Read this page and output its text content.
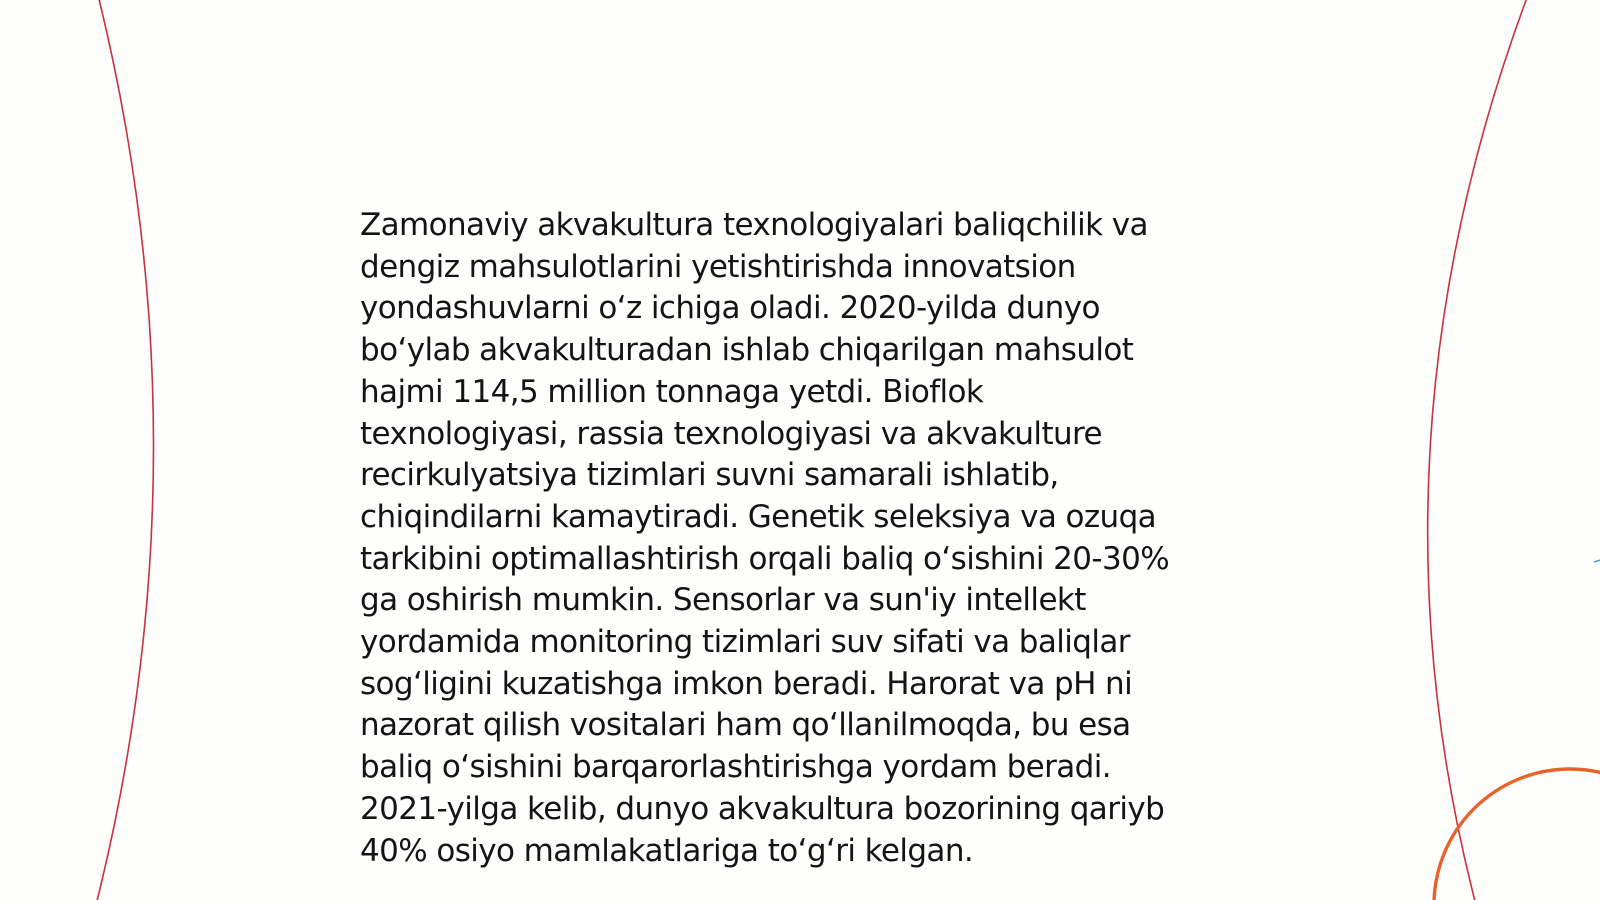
Zamonaviy akvakultura texnologiyalari baliqchilik va
dengiz mahsulotlarini yetishtirishda innovatsion
yondashuvlarni o‘z ichiga oladi. 2020-yilda dunyo
bo‘ylab akvakulturadan ishlab chiqarilgan mahsulot
hajmi 114,5 million tonnaga yetdi. Bioflok
texnologiyasi, rassia texnologiyasi va akvakulture
recirkulyatsiya tizimlari suvni samarali ishlatib,
chiqindilarni kamaytiradi. Genetik seleksiya va ozuqa
tarkibini optimallashtirish orqali baliq o‘sishini 20-30%
ga oshirish mumkin. Sensorlar va sun'iy intellekt
yordamida monitoring tizimlari suv sifati va baliqlar
sog‘ligini kuzatishga imkon beradi. Harorat va pH ni
nazorat qilish vositalari ham qo‘llanilmoqda, bu esa
baliq o‘sishini barqarorlashtirishga yordam beradi.
2021-yilga kelib, dunyo akvakultura bozorining qariyb
40% osiyo mamlakatlariga to‘g‘ri kelgan.
